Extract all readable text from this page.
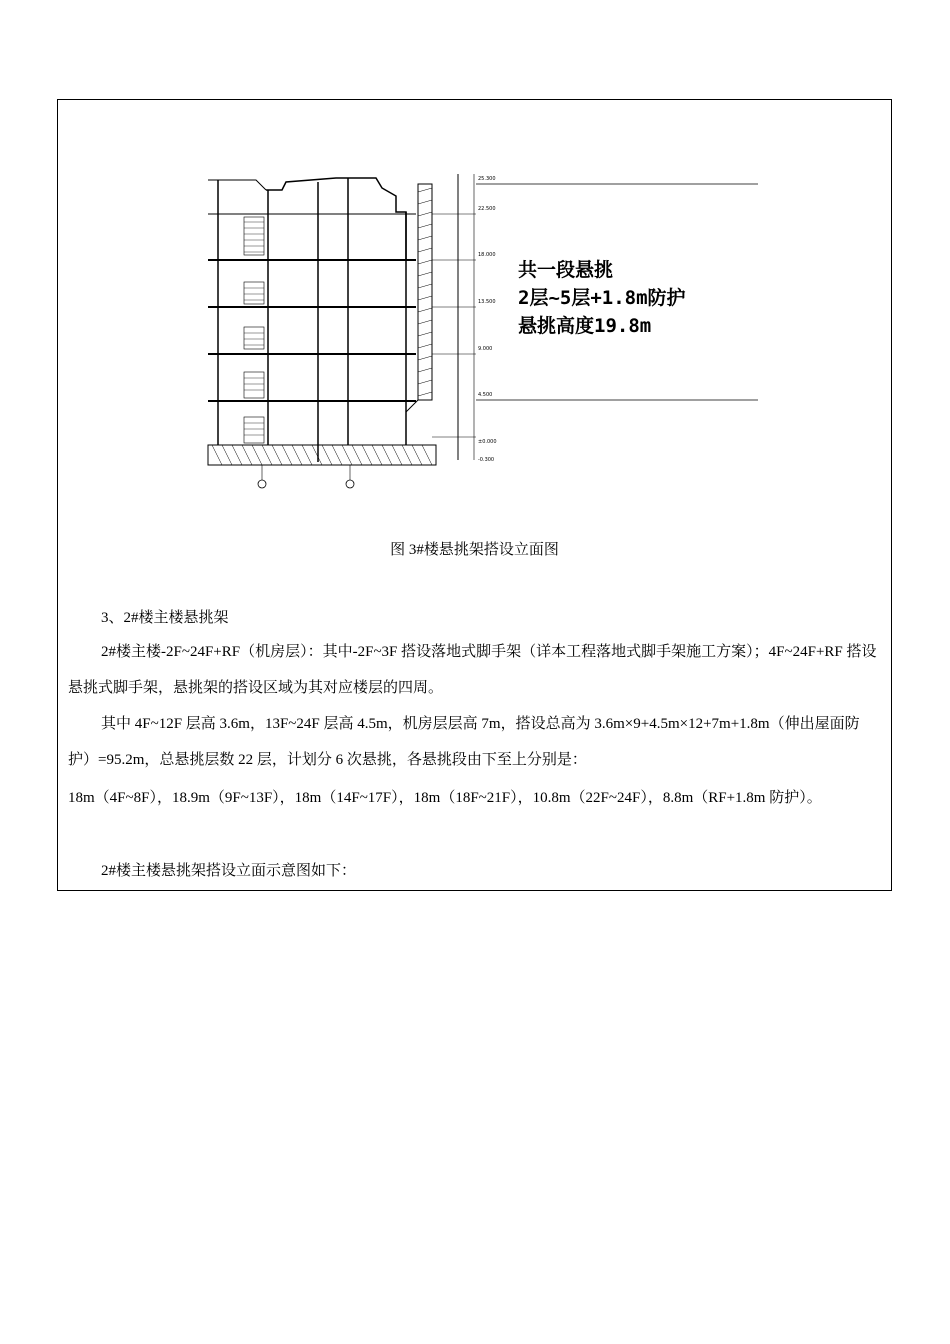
25.300
22.500
18.000
13.500
9.000
4.500
±0.000
-0.300
共一段悬挑
2层~5层+1.8m防护
悬挑高度19.8m
图 3#楼悬挑架搭设立面图
3、2#楼主楼悬挑架
2#楼主楼-2F~24F+RF（机房层）：其中-2F~3F 搭设落地式脚手架（详本工程落地式脚手架施工方案）；4F~24F+RF 搭设悬挑式脚手架，悬挑架的搭设区域为其对应楼层的四周。
其中 4F~12F 层高 3.6m，13F~24F 层高 4.5m，机房层层高 7m，搭设总高为 3.6m×9+4.5m×12+7m+1.8m（伸出屋面防护）=95.2m，总悬挑层数 22 层，计划分 6 次悬挑，各悬挑段由下至上分别是：
18m（4F~8F），18.9m（9F~13F），18m（14F~17F），18m（18F~21F），10.8m（22F~24F），8.8m（RF+1.8m 防护）。
2#楼主楼悬挑架搭设立面示意图如下：
